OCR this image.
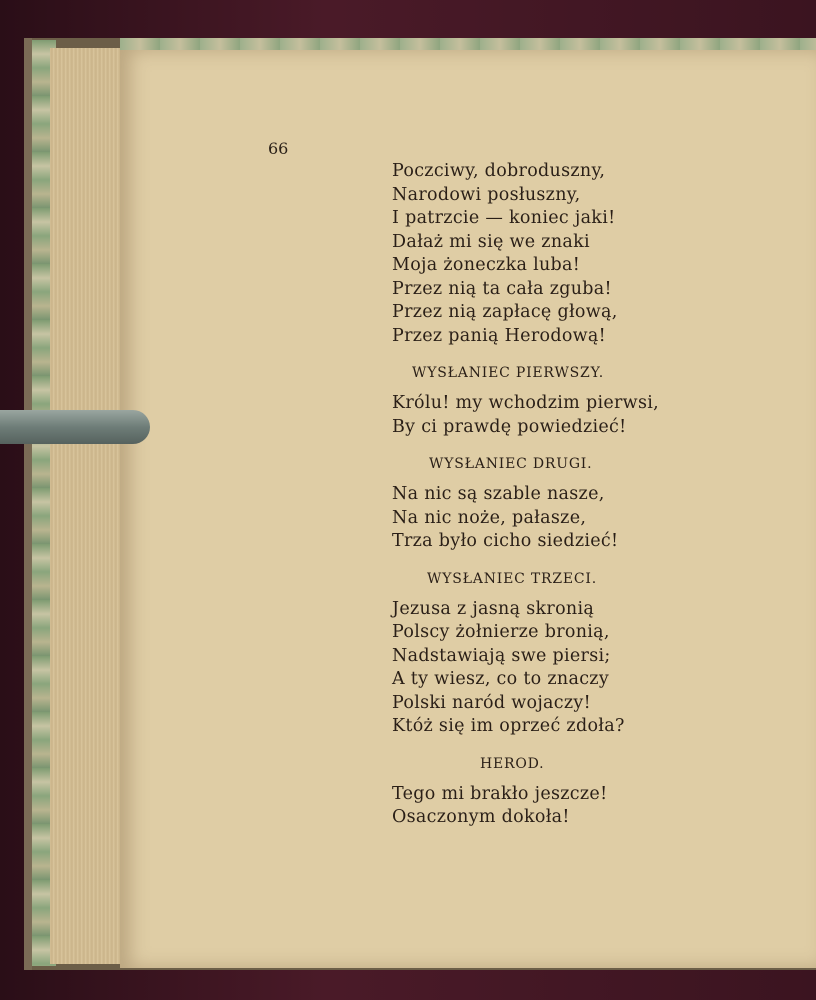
66
Poczciwy, dobroduszny,
Narodowi posłuszny,
I patrzcie — koniec jaki!
Dałaż mi się we znaki
Moja żoneczka luba!
Przez nią ta cała zguba!
Przez nią zapłacę głową,
Przez panią Herodową!
WYSŁANIEC PIERWSZY.
Królu! my wchodzim pierwsi,
By ci prawdę powiedzieć!
WYSŁANIEC DRUGI.
Na nic są szable nasze,
Na nic noże, pałasze,
Trza było cicho siedzieć!
WYSŁANIEC TRZECI.
Jezusa z jasną skronią
Polscy żołnierze bronią,
Nadstawiają swe piersi;
A ty wiesz, co to znaczy
Polski naród wojaczy!
Któż się im oprzeć zdoła?
HEROD.
Tego mi brakło jeszcze!
Osaczonym dokoła!
